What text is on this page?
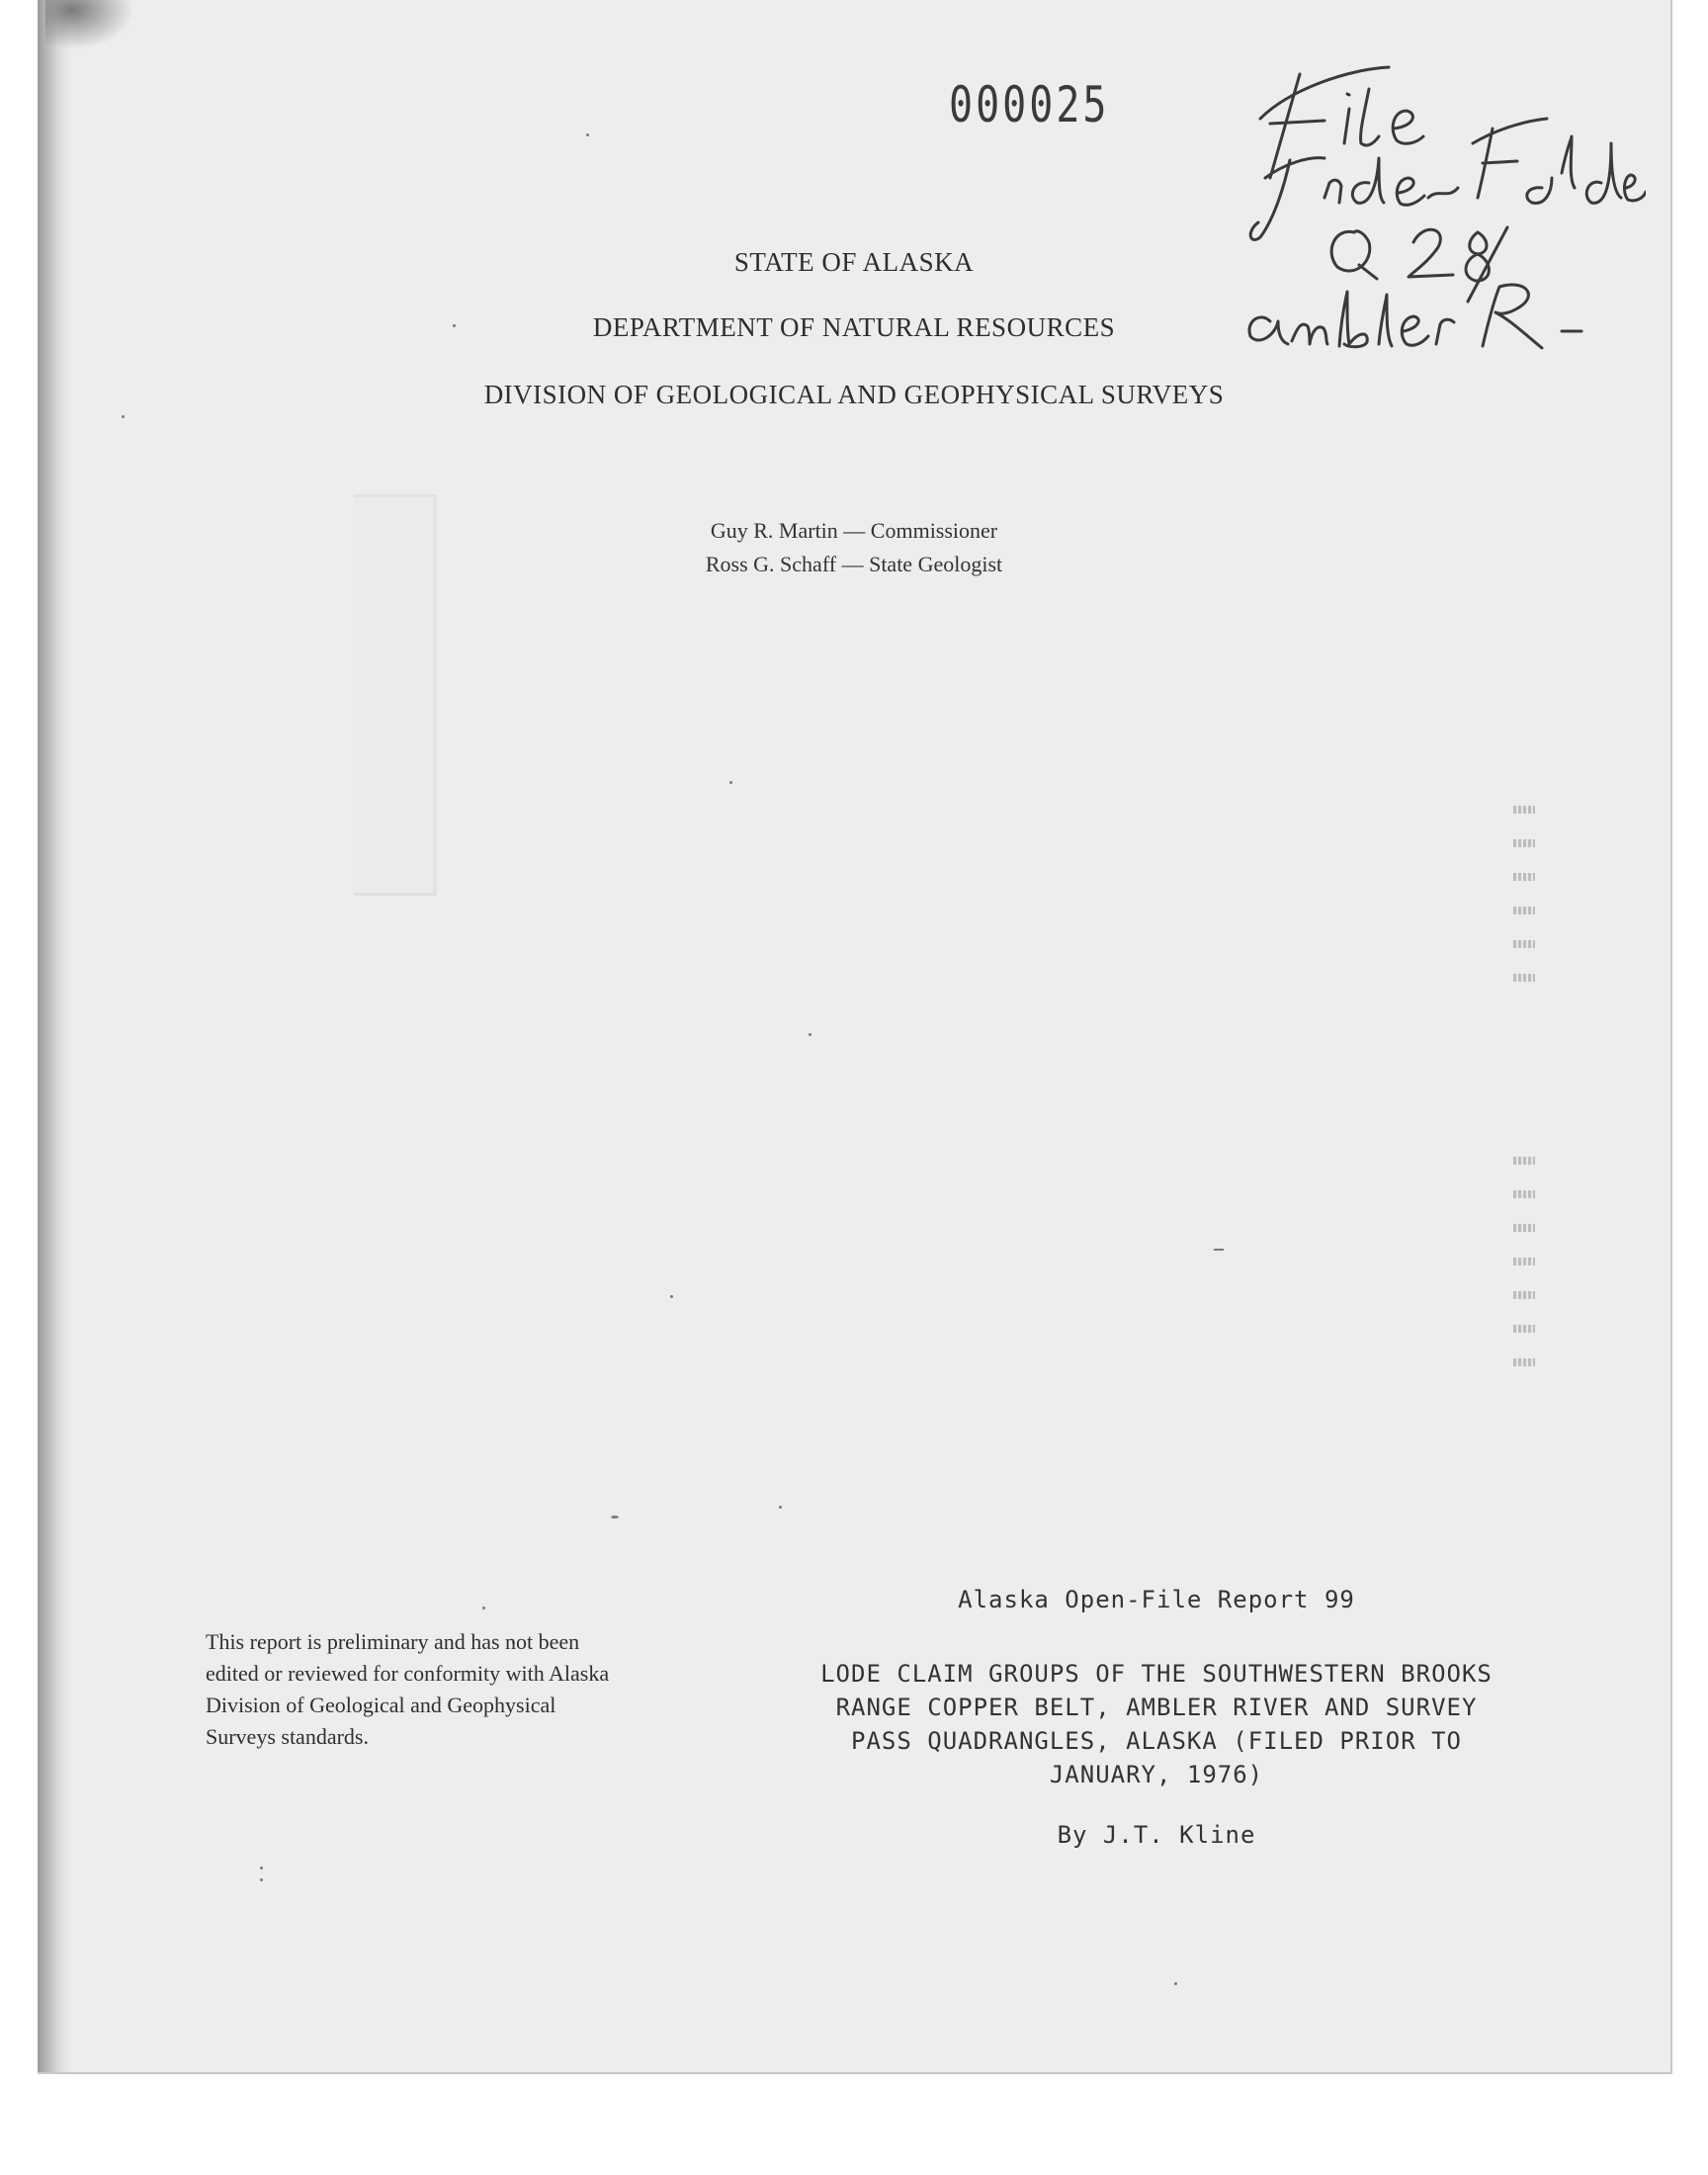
000025
STATE OF ALASKA
DEPARTMENT OF NATURAL RESOURCES
DIVISION OF GEOLOGICAL AND GEOPHYSICAL SURVEYS
Guy R. Martin — Commissioner
Ross G. Schaff — State Geologist
This report is preliminary and has not been edited or reviewed for conformity with Alaska Division of Geological and Geophysical Surveys standards.
Alaska Open-File Report 99
LODE CLAIM GROUPS OF THE SOUTHWESTERN BROOKS
RANGE COPPER BELT, AMBLER RIVER AND SURVEY
PASS QUADRANGLES, ALASKA (FILED PRIOR TO
JANUARY, 1976)
By J.T. Kline
